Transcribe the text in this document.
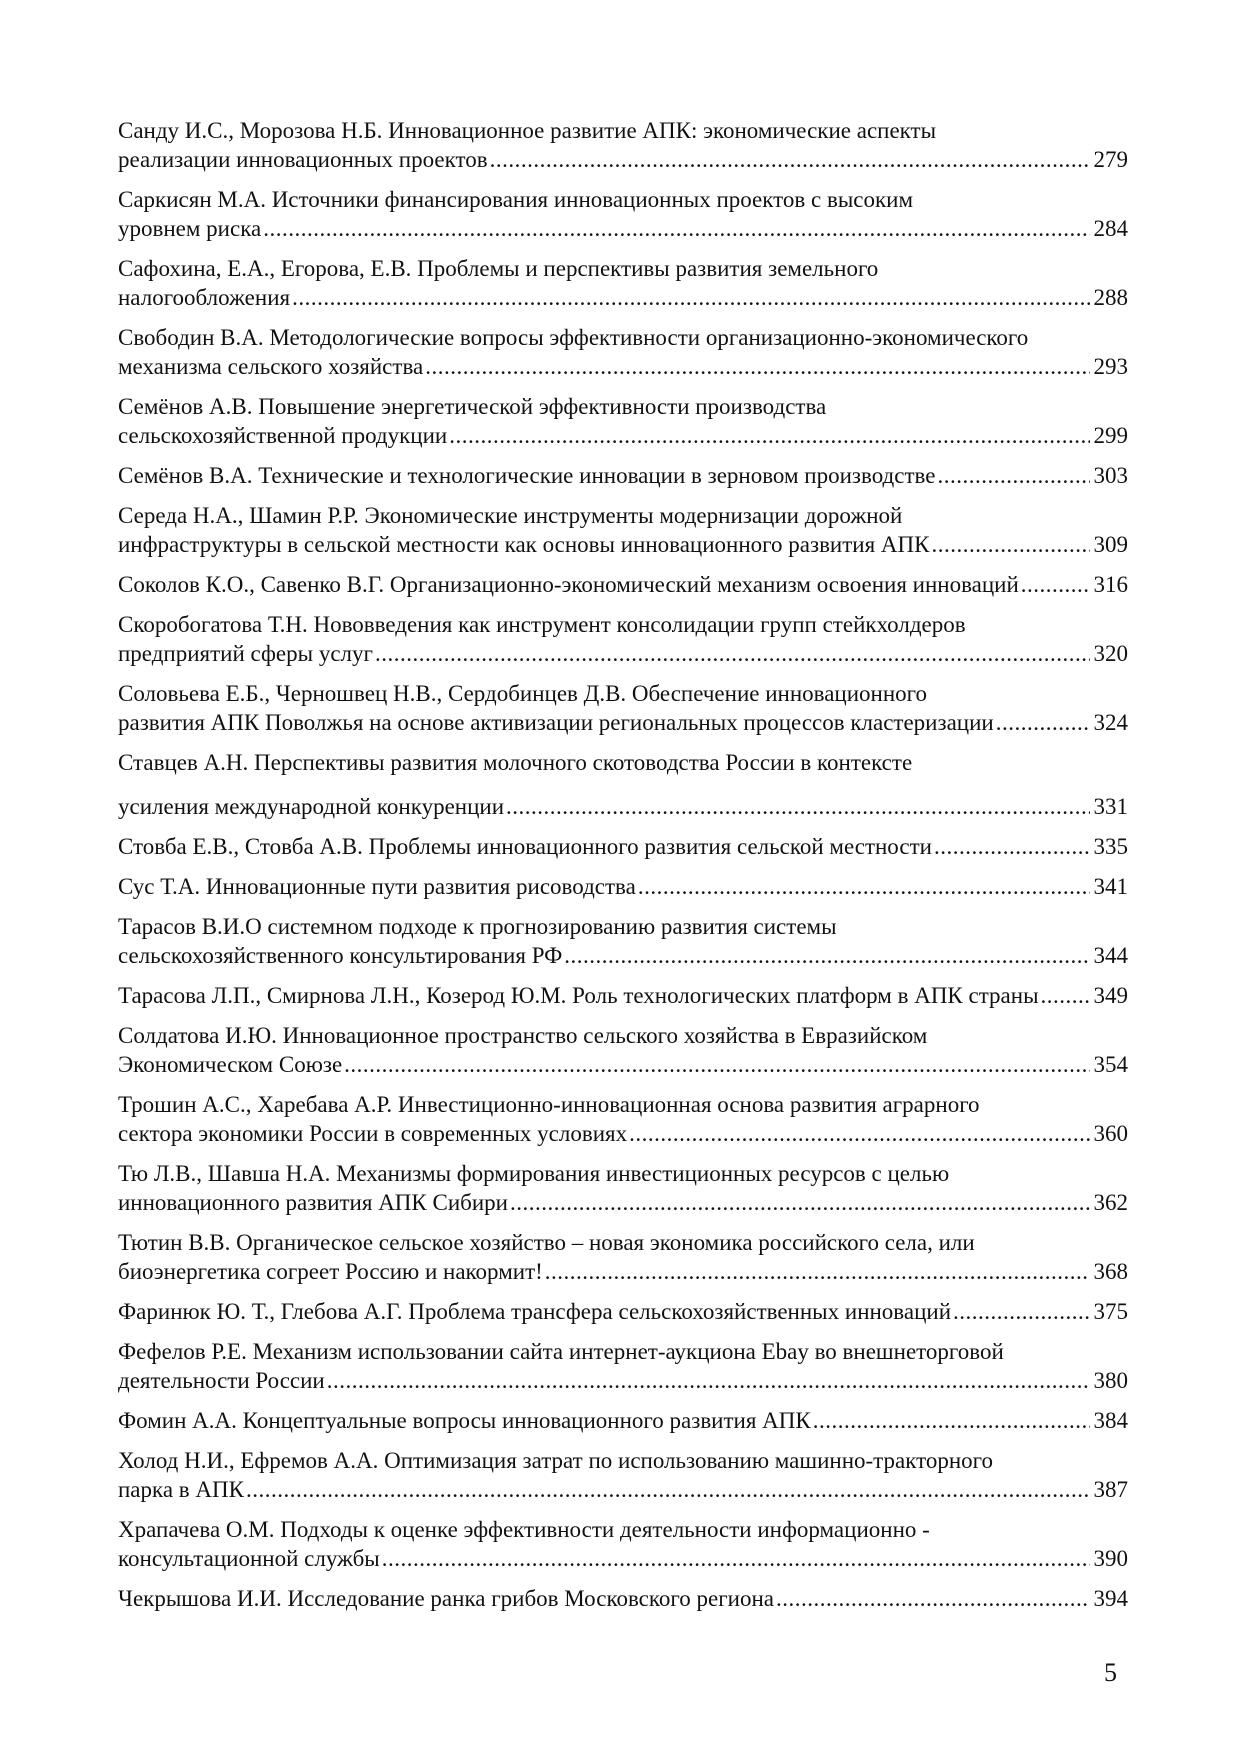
Санду И.С., Морозова Н.Б. Инновационное развитие АПК: экономические аспекты
реализации инновационных проектов .....	279
Саркисян М.А. Источники финансирования инновационных проектов с высоким
уровнем риска .....	284
Сафохина, Е.А., Егорова, Е.В. Проблемы и перспективы развития земельного
налогообложения .....	288
Свободин В.А. Методологические вопросы эффективности организационно-экономического
механизма сельского хозяйства .....	293
Семёнов А.В. Повышение энергетической эффективности производства
сельскохозяйственной продукции .....	299
Семёнов В.А. Технические и технологические инновации в зерновом производстве .....	303
Середа Н.А., Шамин Р.Р. Экономические инструменты модернизации дорожной
инфраструктуры в сельской местности как основы инновационного развития АПК .....	309
Соколов К.О., Савенко В.Г. Организационно-экономический механизм освоения инноваций .....	316
Скоробогатова Т.Н. Нововведения как инструмент консолидации групп стейкхолдеров
предприятий сферы услуг .....	320
Соловьева Е.Б., Черношвец Н.В., Сердобинцев Д.В. Обеспечение инновационного
развития АПК Поволжья на основе активизации региональных процессов кластеризации .....	324
Ставцев А.Н. Перспективы развития молочного скотоводства России в контексте
усиления международной конкуренции .....	331
Стовба Е.В., Стовба А.В. Проблемы инновационного развития сельской местности .....	335
Сус Т.А. Инновационные пути развития рисоводства .....	341
Тарасов В.И.О системном подходе к прогнозированию развития системы
сельскохозяйственного консультирования РФ .....	344
Тарасова Л.П., Смирнова Л.Н., Козерод Ю.М. Роль технологических платформ в АПК страны ..... 349
Солдатова И.Ю. Инновационное пространство сельского хозяйства в Евразийском
Экономическом Союзе .....	354
Трошин А.С., Харебава А.Р. Инвестиционно-инновационная основа развития аграрного
сектора экономики России в современных условиях .....	360
Тю Л.В., Шавша Н.А. Механизмы формирования инвестиционных ресурсов с целью
инновационного развития АПК Сибири .....	362
Тютин В.В. Органическое сельское хозяйство – новая экономика российского села, или
биоэнергетика согреет Россию и накормит! .....	368
Фаринюк Ю. Т., Глебова А.Г. Проблема трансфера сельскохозяйственных инноваций .....	375
Фефелов Р.Е. Механизм использовании сайта интернет-аукциона Ebay во внешнеторговой
деятельности России .....	380
Фомин А.А. Концептуальные вопросы инновационного развития АПК .....	384
Холод Н.И., Ефремов А.А. Оптимизация затрат по использованию машинно-тракторного
парка в АПК .....	387
Храпачева О.М. Подходы к оценке эффективности деятельности информационно -
консультационной службы .....	390
Чекрышова И.И. Исследование ранка грибов Московского региона .....	394
5
